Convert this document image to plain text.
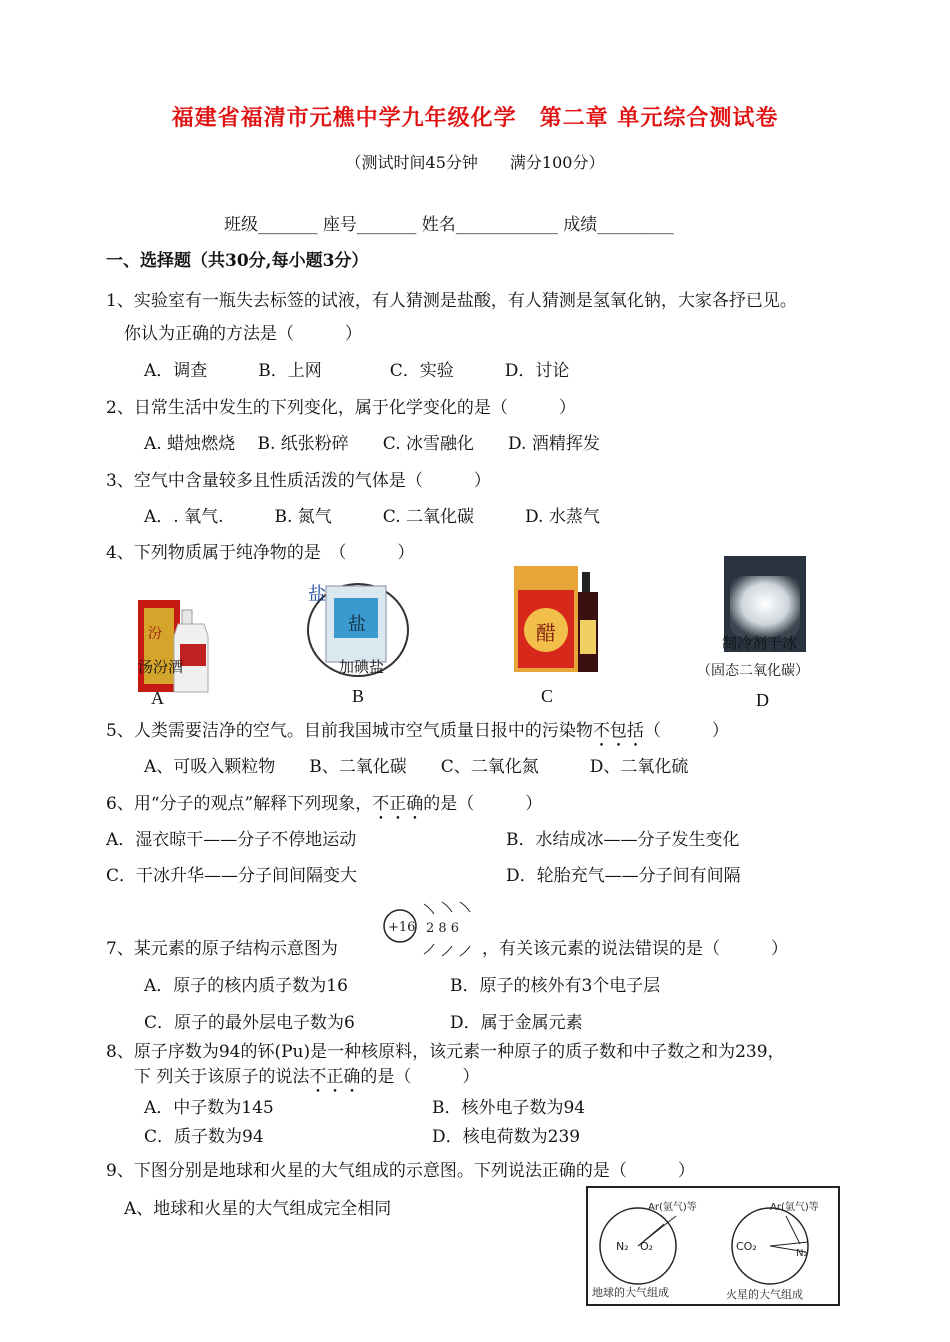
福建省福清市元樵中学九年级化学　第二章 单元综合测试卷
（测试时间45分钟　　满分100分）
班级_______ 座号_______ 姓名____________ 成绩_________
一、选择题（共30分,每小题3分）
1、实验室有一瓶失去标签的试液，有人猜测是盐酸，有人猜测是氢氧化钠，大家各抒已见。
你认为正确的方法是（　　　）
A．调查　　　B．上网　　　　C．实验　　　D．讨论
2、日常生活中发生的下列变化，属于化学变化的是（　　　）
A. 蜡烛燃烧　 B. 纸张粉碎　　C. 冰雪融化　　D. 酒精挥发
3、空气中含量较多且性质活泼的气体是（　　　）
A．. 氧气.　　　B. 氮气　　　C. 二氧化碳　　　D. 水蒸气
4、下列物质属于纯净物的是　（　　　）
汾
汤汾酒
A
盐
盐
加碘盐
B
醋
C
制冷剂干冰
（固态二氧化碳）
D
5、人类需要洁净的空气。目前我国城市空气质量日报中的污染物不包括（　　　）
A、可吸入颗粒物　　B、二氧化碳　　C、二氧化氮　　　D、二氧化硫
6、用“分子的观点”解释下列现象，不正确的是（　　　）
A．湿衣晾干——分子不停地运动	B．水结成冰——分子发生变化
C．干冰升华——分子间间隔变大	D．轮胎充气——分子间有间隔
7、某元素的原子结构示意图为
+16 2 8 6
，有关该元素的说法错误的是（　　　）
A．原子的核内质子数为16	B．原子的核外有3个电子层
C．原子的最外层电子数为6	D．属于金属元素
8、原子序数为94的钚(Pu)是一种核原料，该元素一种原子的质子数和中子数之和为239，
下 列关于该原子的说法不正确的是（　　　）
A．中子数为145	B．核外电子数为94
C．质子数为94	D．核电荷数为239
9、下图分别是地球和火星的大气组成的示意图。下列说法正确的是（　　　）
A、地球和火星的大气组成完全相同
N₂ O₂
Ar(氩气)等
地球的大气组成
CO₂
N₂
Ar(氩气)等
火星的大气组成
